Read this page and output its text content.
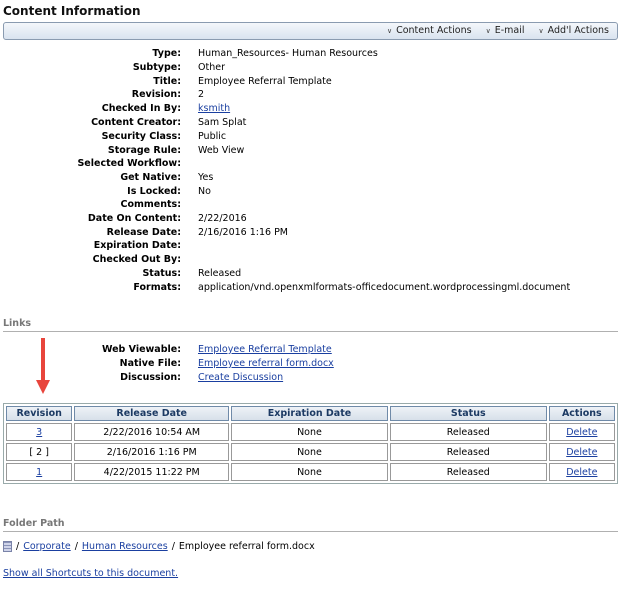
Content Information
∨ Content Actions ∨ E-mail ∨ Add'l Actions
Type: Human_Resources- Human Resources
Subtype: Other
Title: Employee Referral Template
Revision: 2
Checked In By: ksmith
Content Creator: Sam Splat
Security Class: Public
Storage Rule: Web View
Selected Workflow:
Get Native: Yes
Is Locked: No
Comments:
Date On Content: 2/22/2016
Release Date: 2/16/2016 1:16 PM
Expiration Date:
Checked Out By:
Status: Released
Formats: application/vnd.openxmlformats-officedocument.wordprocessingml.document
Links
Web Viewable: Employee Referral Template
Native File: Employee referral form.docx
Discussion: Create Discussion
Revision	Release Date	Expiration Date	Status	Actions
3	2/22/2016 10:54 AM	None	Released	Delete
[ 2 ]	2/16/2016 1:16 PM	None	Released	Delete
1	4/22/2015 11:22 PM	None	Released	Delete
Folder Path
/ Corporate / Human Resources / Employee referral form.docx
Show all Shortcuts to this document.
